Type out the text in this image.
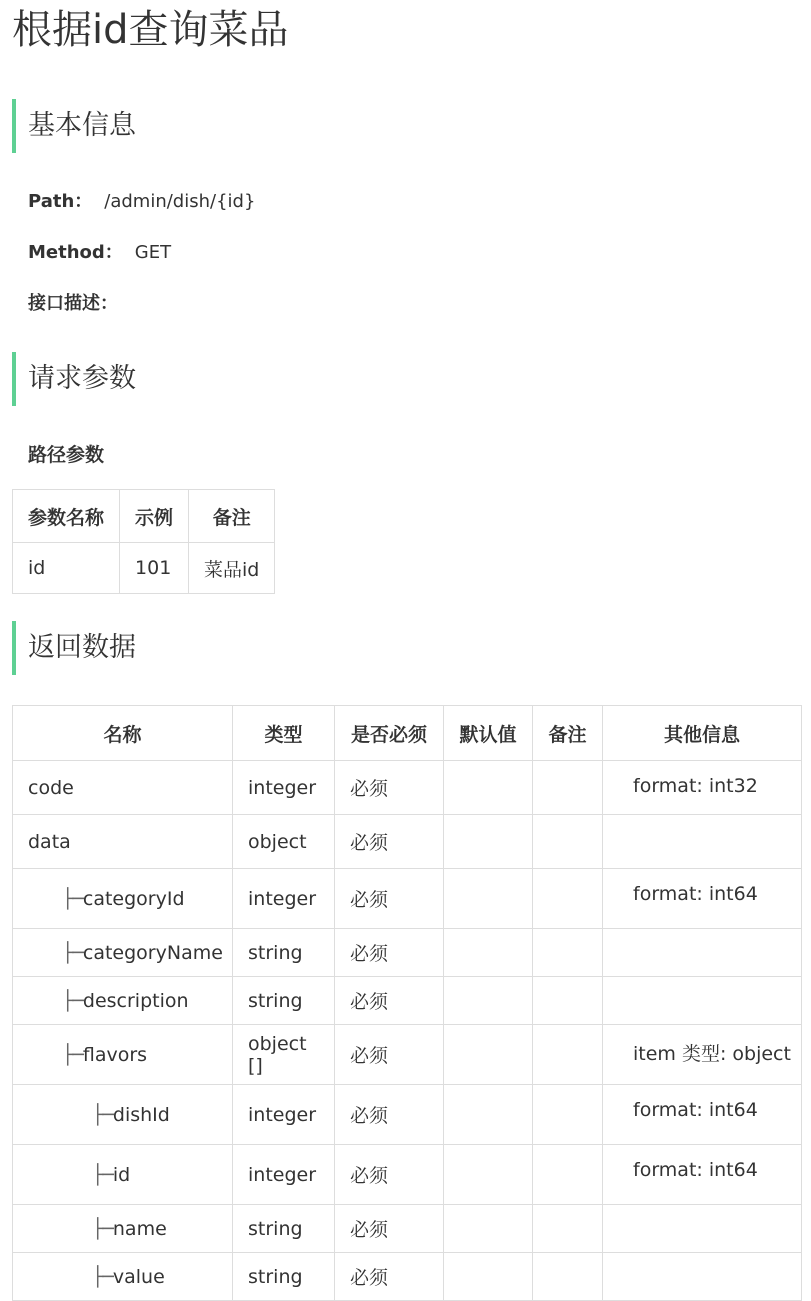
根据id查询菜品
基本信息
Path： /admin/dish/{id}
Method： GET
接口描述：
请求参数
路径参数
参数名称	示例	备注
id	101	菜品id
返回数据
名称	类型	是否必须	默认值	备注	其他信息
code	integer	必须			format: int32
data	object	必须			
├─categoryId	integer	必须			format: int64
├─categoryName	string	必须			
├─description	string	必须			
├─flavors	object []	必须			item 类型: object
├─dishId	integer	必须			format: int64
├─id	integer	必须			format: int64
├─name	string	必须			
├─value	string	必须			
